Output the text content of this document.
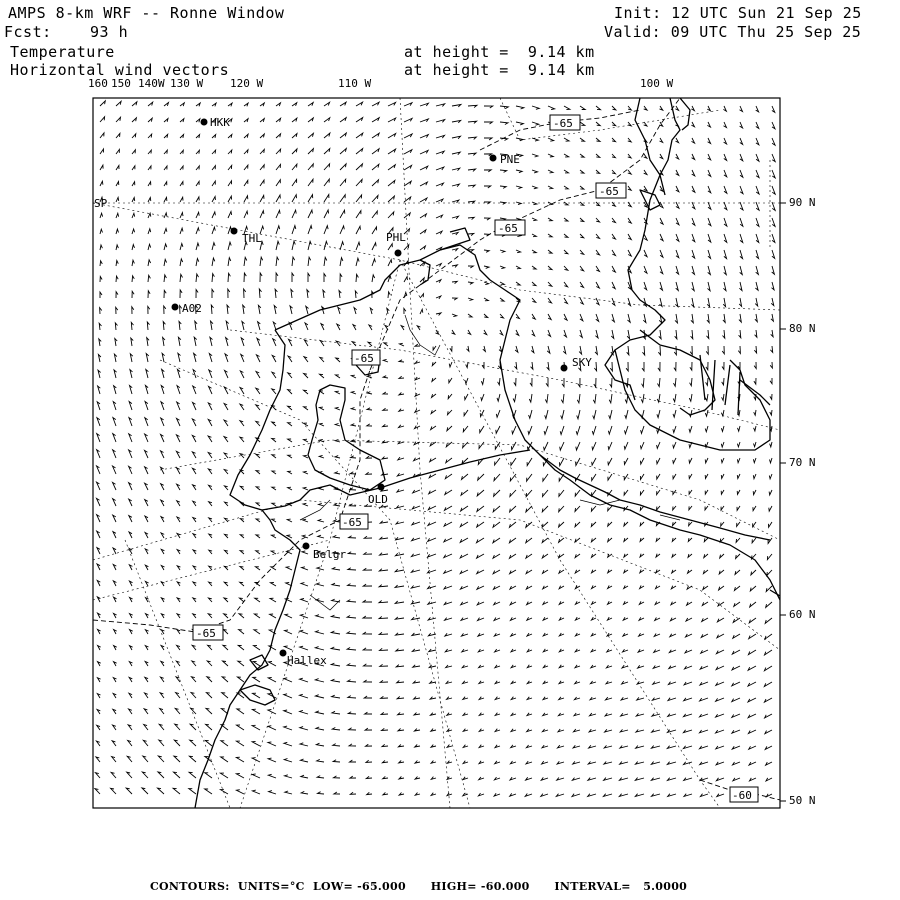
AMPS 8-km WRF -- Ronne Window	Init: 12 UTC Sun 21 Sep 25
Fcst:	93 h	Valid: 09 UTC Thu 25 Sep 25
Temperature	at height =  9.14 km
Horizontal wind vectors	at height =  9.14 km
160 150 140 W 130 W 120 W	110 W	100 W
90 N
80 N
70 N
60 N
50 N
-65
-65
-65
-65
-65
-65
-60
SP
HKK
PNE
THL	PHL
A02
SKY
OLD
Belgr
Hallex
CONTOURS: UNITS=°C LOW= -65.000 HIGH= -60.000 INTERVAL=   5.0000
